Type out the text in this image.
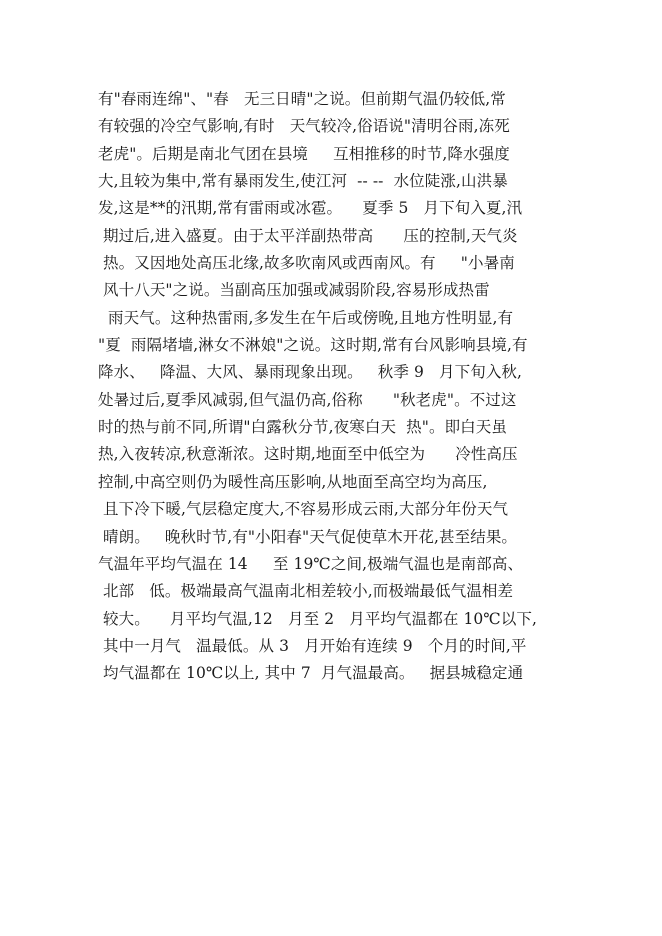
有"春雨连绵"、"春   无三日晴"之说。但前期气温仍较低,常
有较强的冷空气影响,有时   天气较冷,俗语说"清明谷雨,冻死
老虎"。后期是南北气团在县境     互相推移的时节,降水强度
大,且较为集中,常有暴雨发生,使江河  -- --  水位陡涨,山洪暴
发,这是**的汛期,常有雷雨或冰雹。    夏季 5   月下旬入夏,汛
期过后,进入盛夏。由于太平洋副热带高      压的控制,天气炎
热。又因地处高压北缘,故多吹南风或西南风。有     "小暑南
风十八天"之说。当副高压加强或减弱阶段,容易形成热雷
雨天气。这种热雷雨,多发生在午后或傍晚,且地方性明显,有
"夏  雨隔堵墙,淋女不淋娘"之说。这时期,常有台风影响县境,有
降水、   降温、大风、暴雨现象出现。   秋季 9   月下旬入秋,
处暑过后,夏季风减弱,但气温仍高,俗称      "秋老虎"。不过这
时的热与前不同,所谓"白露秋分节,夜寒白天  热"。即白天虽
热,入夜转凉,秋意渐浓。这时期,地面至中低空为      冷性高压
控制,中高空则仍为暖性高压影响,从地面至高空均为高压,
且下冷下暖,气层稳定度大,不容易形成云雨,大部分年份天气
晴朗。   晚秋时节,有"小阳春"天气促使草木开花,甚至结果。
气温年平均气温在 14     至 19℃之间,极端气温也是南部高、
北部   低。极端最高气温南北相差较小,而极端最低气温相差
较大。    月平均气温,12   月至 2   月平均气温都在 10℃以下,
其中一月气   温最低。从 3   月开始有连续 9   个月的时间,平
均气温都在 10℃以上, 其中 7  月气温最高。   据县城稳定通
